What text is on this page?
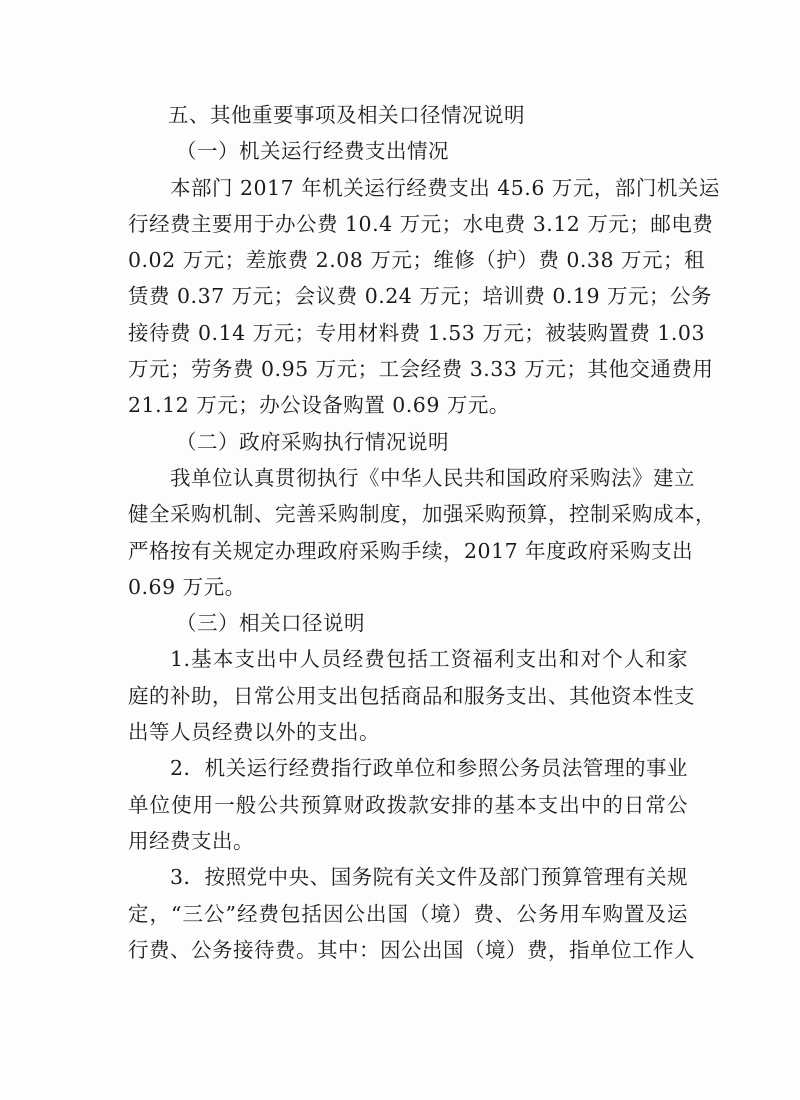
五、其他重要事项及相关口径情况说明
（一）机关运行经费支出情况
本部门 2017 年机关运行经费支出 45.6 万元，部门机关运
行经费主要用于办公费 10.4 万元；水电费 3.12 万元；邮电费
0.02 万元；差旅费 2.08 万元；维修（护）费 0.38 万元；租
赁费 0.37 万元；会议费 0.24 万元；培训费 0.19 万元；公务
接待费 0.14 万元；专用材料费 1.53 万元；被装购置费 1.03
万元；劳务费 0.95 万元；工会经费 3.33 万元；其他交通费用
21.12 万元；办公设备购置 0.69 万元。
（二）政府采购执行情况说明
我单位认真贯彻执行《中华人民共和国政府采购法》建立
健全采购机制、完善采购制度，加强采购预算，控制采购成本，
严格按有关规定办理政府采购手续，2017 年度政府采购支出
0.69 万元。
（三）相关口径说明
1.基本支出中人员经费包括工资福利支出和对个人和家
庭的补助，日常公用支出包括商品和服务支出、其他资本性支
出等人员经费以外的支出。
2．机关运行经费指行政单位和参照公务员法管理的事业
单位使用一般公共预算财政拨款安排的基本支出中的日常公
用经费支出。
3．按照党中央、国务院有关文件及部门预算管理有关规
定，“三公”经费包括因公出国（境）费、公务用车购置及运
行费、公务接待费。其中：因公出国（境）费，指单位工作人
